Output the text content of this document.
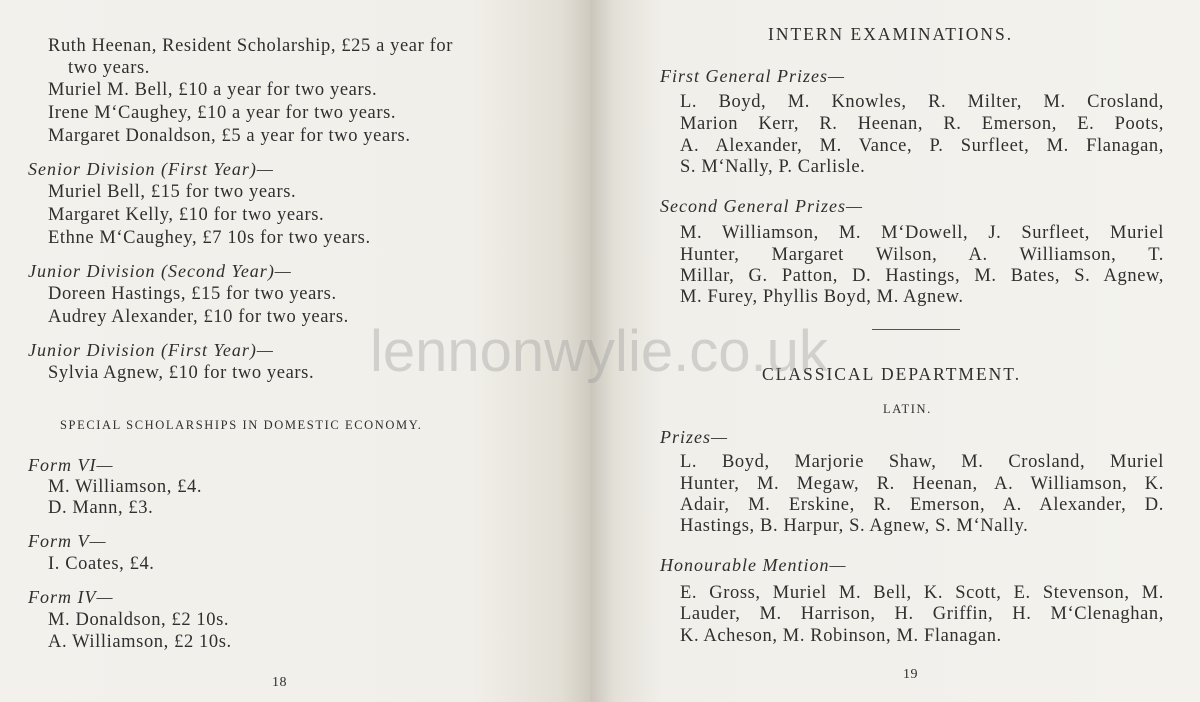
Ruth Heenan, Resident Scholarship, £25 a year for
two years.
Muriel M. Bell, £10 a year for two years.
Irene M‘Caughey, £10 a year for two years.
Margaret Donaldson, £5 a year for two years.
Senior Division (First Year)—
Muriel Bell, £15 for two years.
Margaret Kelly, £10 for two years.
Ethne M‘Caughey, £7 10s for two years.
Junior Division (Second Year)—
Doreen Hastings, £15 for two years.
Audrey Alexander, £10 for two years.
Junior Division (First Year)—
Sylvia Agnew, £10 for two years.
SPECIAL SCHOLARSHIPS IN DOMESTIC ECONOMY.
Form VI—
M. Williamson, £4.
D. Mann, £3.
Form V—
I. Coates, £4.
Form IV—
M. Donaldson, £2 10s.
A. Williamson, £2 10s.
18
INTERN EXAMINATIONS.
First General Prizes—
L. Boyd, M. Knowles, R. Milter, M. Crosland,
Marion Kerr, R. Heenan, R. Emerson, E. Poots,
A. Alexander, M. Vance, P. Surfleet, M. Flanagan,
S. M‘Nally, P. Carlisle.
Second General Prizes—
M. Williamson, M. M‘Dowell, J. Surfleet, Muriel
Hunter, Margaret Wilson, A. Williamson, T.
Millar, G. Patton, D. Hastings, M. Bates, S. Agnew,
M. Furey, Phyllis Boyd, M. Agnew.
CLASSICAL DEPARTMENT.
LATIN.
Prizes—
L. Boyd, Marjorie Shaw, M. Crosland, Muriel
Hunter, M. Megaw, R. Heenan, A. Williamson, K.
Adair, M. Erskine, R. Emerson, A. Alexander, D.
Hastings, B. Harpur, S. Agnew, S. M‘Nally.
Honourable Mention—
E. Gross, Muriel M. Bell, K. Scott, E. Stevenson, M.
Lauder, M. Harrison, H. Griffin, H. M‘Clenaghan,
K. Acheson, M. Robinson, M. Flanagan.
19
lennonwylie.co.uk
